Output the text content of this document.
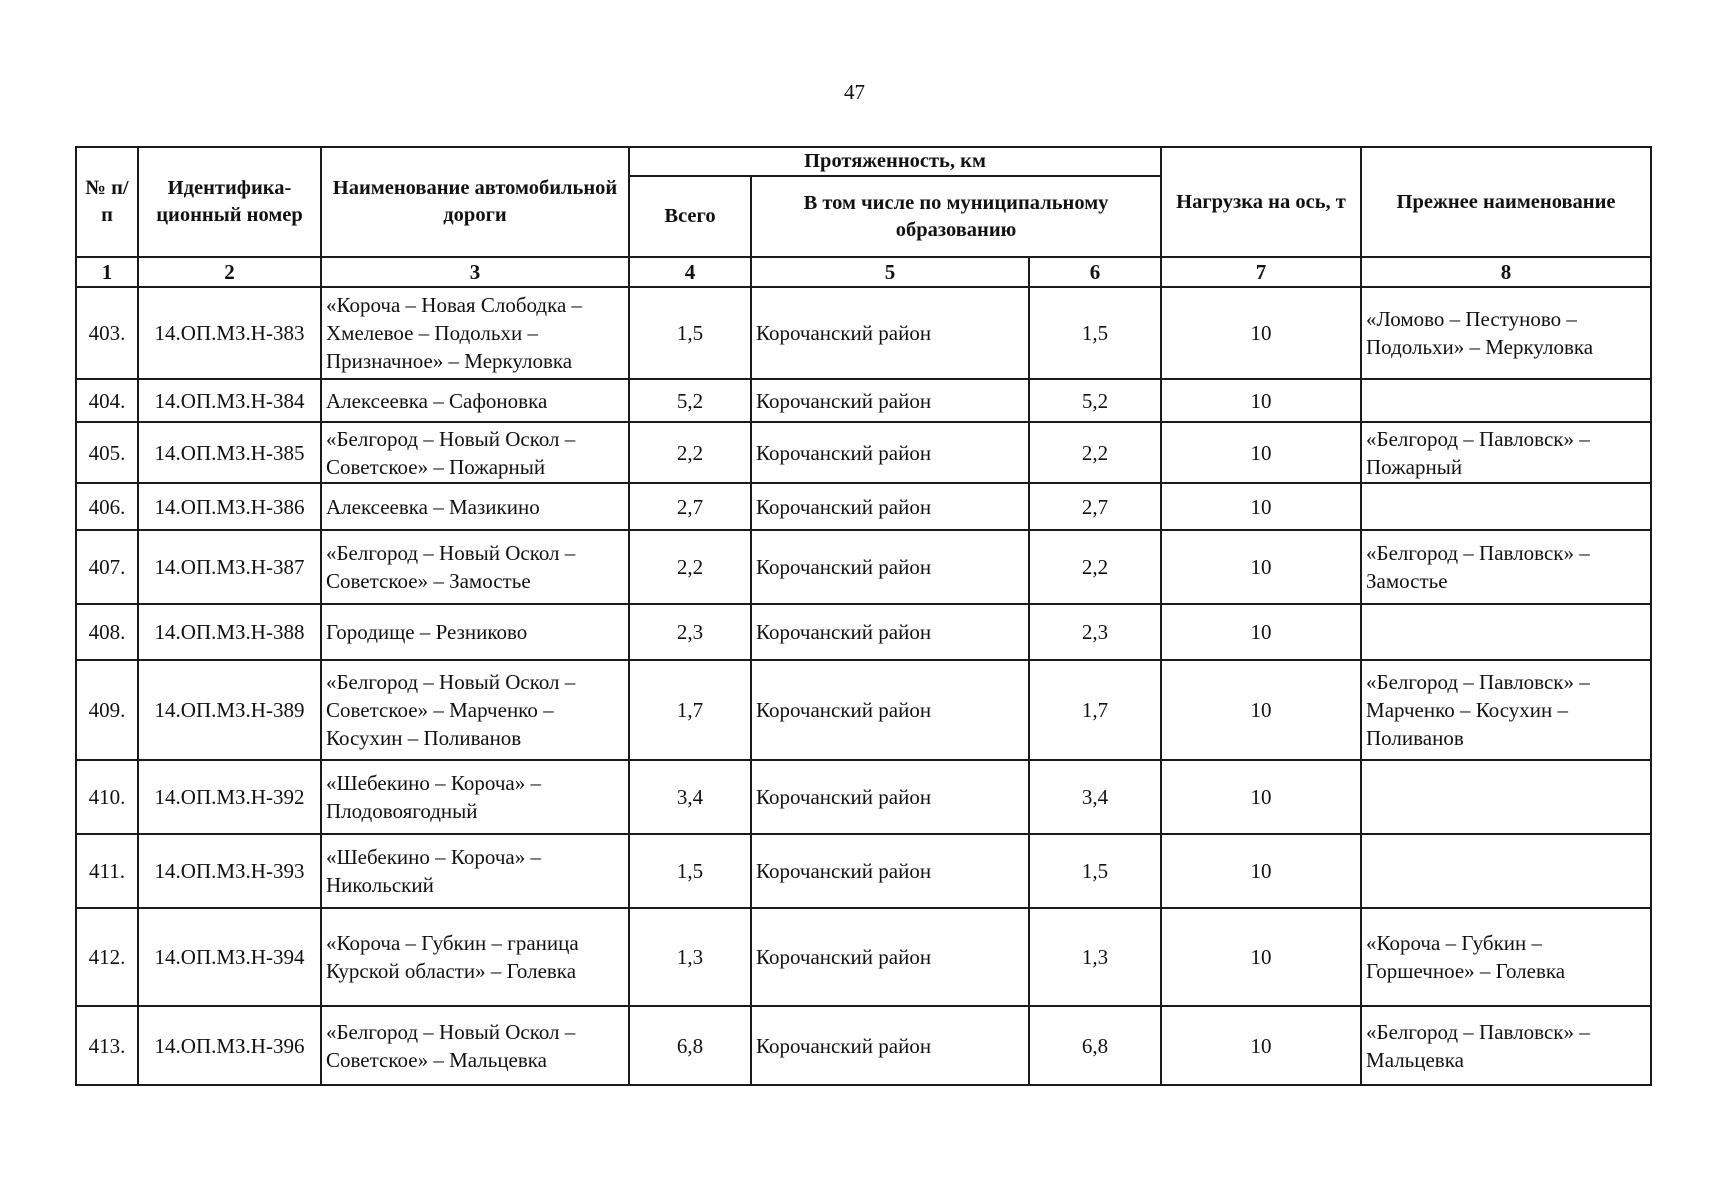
47
№ п/п	Идентифика-ционный номер	Наименование автомобильной дороги	Протяженность, км			Нагрузка на ось, т	Прежнее наименование
			Всего	В том числе по муниципальному образованию			
1	2	3	4	5	6	7	8
403.	14.ОП.МЗ.Н-383	«Короча – Новая Слободка – Хмелевое – Подольхи – Призначное» – Меркуловка	1,5	Корочанский район	1,5	10	«Ломово – Пестуново – Подольхи» – Меркуловка
404.	14.ОП.МЗ.Н-384	Алексеевка – Сафоновка	5,2	Корочанский район	5,2	10	
405.	14.ОП.МЗ.Н-385	«Белгород – Новый Оскол – Советское» – Пожарный	2,2	Корочанский район	2,2	10	«Белгород – Павловск» – Пожарный
406.	14.ОП.МЗ.Н-386	Алексеевка – Мазикино	2,7	Корочанский район	2,7	10	
407.	14.ОП.МЗ.Н-387	«Белгород – Новый Оскол – Советское» – Замостье	2,2	Корочанский район	2,2	10	«Белгород – Павловск» – Замостье
408.	14.ОП.МЗ.Н-388	Городище – Резниково	2,3	Корочанский район	2,3	10	
409.	14.ОП.МЗ.Н-389	«Белгород – Новый Оскол – Советское» – Марченко – Косухин – Поливанов	1,7	Корочанский район	1,7	10	«Белгород – Павловск» – Марченко – Косухин – Поливанов
410.	14.ОП.МЗ.Н-392	«Шебекино – Короча» – Плодовоягодный	3,4	Корочанский район	3,4	10	
411.	14.ОП.МЗ.Н-393	«Шебекино – Короча» – Никольский	1,5	Корочанский район	1,5	10	
412.	14.ОП.МЗ.Н-394	«Короча – Губкин – граница Курской области» – Голевка	1,3	Корочанский район	1,3	10	«Короча – Губкин – Горшечное» – Голевка
413.	14.ОП.МЗ.Н-396	«Белгород – Новый Оскол – Советское» – Мальцевка	6,8	Корочанский район	6,8	10	«Белгород – Павловск» – Мальцевка
